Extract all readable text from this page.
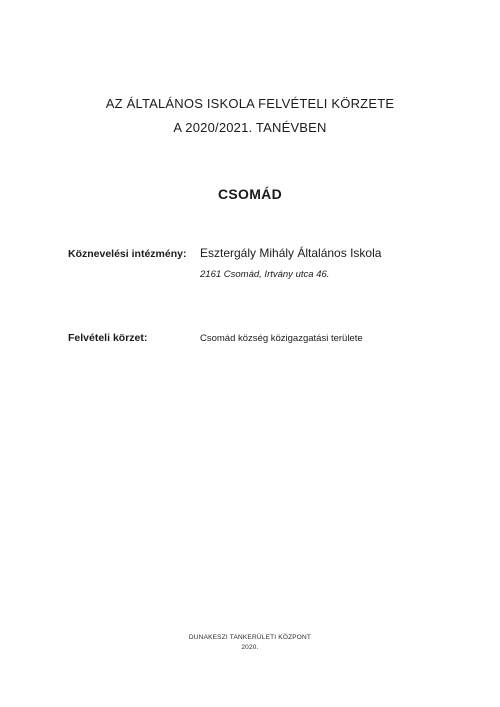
AZ ÁLTALÁNOS ISKOLA FELVÉTELI KÖRZETE
A 2020/2021. TANÉVBEN
CSOMÁD
Köznevelési intézmény: Esztergály Mihály Általános Iskola
2161 Csomád, Irtvány utca 46.
Felvételi körzet:	Csomád község közigazgatási területe
DUNAKESZI TANKERÜLETI KÖZPONT
2020.
